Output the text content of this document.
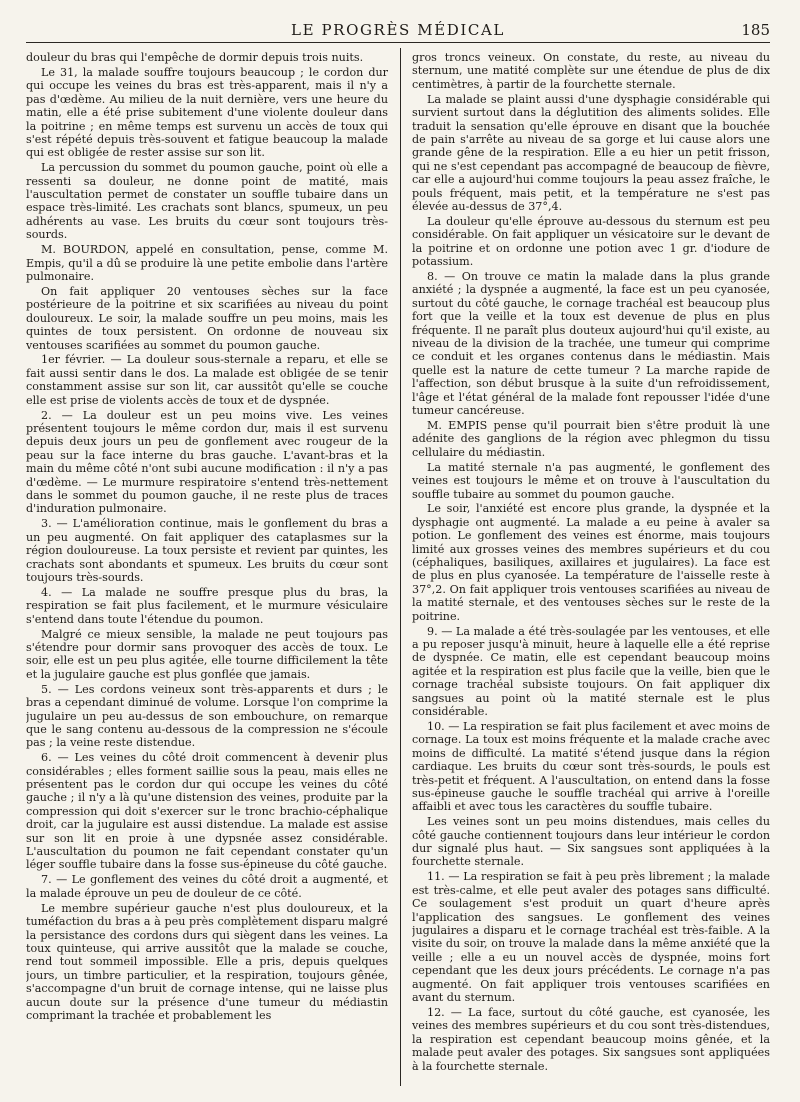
LE PROGRÈS MÉDICAL	185

douleur du bras qui l'empêche de dormir depuis trois nuits.

Le 31, la malade souffre toujours beaucoup ; le cordon dur qui occupe les veines du bras est très-apparent, mais il n'y a pas d'œdème. Au milieu de la nuit dernière, vers une heure du matin, elle a été prise subitement d'une violente douleur dans la poitrine ; en même temps est survenu un accès de toux qui s'est répété depuis très-souvent et fatigue beaucoup la malade qui est obligée de rester assise sur son lit.

La percussion du sommet du poumon gauche, point où elle a ressenti sa douleur, ne donne point de matité, mais l'auscultation permet de constater un souffle tubaire dans un espace très-limité. Les crachats sont blancs, spumeux, un peu adhérents au vase. Les bruits du cœur sont toujours très-sourds.

M. BOURDON, appelé en consultation, pense, comme M. Empis, qu'il a dû se produire là une petite embolie dans l'artère pulmonaire.

On fait appliquer 20 ventouses sèches sur la face postérieure de la poitrine et six scarifiées au niveau du point douloureux. Le soir, la malade souffre un peu moins, mais les quintes de toux persistent. On ordonne de nouveau six ventouses scarifiées au sommet du poumon gauche.

1er février. — La douleur sous-sternale a reparu, et elle se fait aussi sentir dans le dos. La malade est obligée de se tenir constamment assise sur son lit, car aussitôt qu'elle se couche elle est prise de violents accès de toux et de dyspnée.

2. — La douleur est un peu moins vive. Les veines présentent toujours le même cordon dur, mais il est survenu depuis deux jours un peu de gonflement avec rougeur de la peau sur la face interne du bras gauche. L'avant-bras et la main du même côté n'ont subi aucune modification : il n'y a pas d'œdème. — Le murmure respiratoire s'entend très-nettement dans le sommet du poumon gauche, il ne reste plus de traces d'induration pulmonaire.

3. — L'amélioration continue, mais le gonflement du bras a un peu augmenté. On fait appliquer des cataplasmes sur la région douloureuse. La toux persiste et revient par quintes, les crachats sont abondants et spumeux. Les bruits du cœur sont toujours très-sourds.

4. — La malade ne souffre presque plus du bras, la respiration se fait plus facilement, et le murmure vésiculaire s'entend dans toute l'étendue du poumon.

Malgré ce mieux sensible, la malade ne peut toujours pas s'étendre pour dormir sans provoquer des accès de toux. Le soir, elle est un peu plus agitée, elle tourne difficilement la tête et la jugulaire gauche est plus gonflée que jamais.

5. — Les cordons veineux sont très-apparents et durs ; le bras a cependant diminué de volume. Lorsque l'on comprime la jugulaire un peu au-dessus de son embouchure, on remarque que le sang contenu au-dessous de la compression ne s'écoule pas ; la veine reste distendue.

6. — Les veines du côté droit commencent à devenir plus considérables ; elles forment saillie sous la peau, mais elles ne présentent pas le cordon dur qui occupe les veines du côté gauche ; il n'y a là qu'une distension des veines, produite par la compression qui doit s'exercer sur le tronc brachio-céphalique droit, car la jugulaire est aussi distendue. La malade est assise sur son lit en proie à une dypsnée assez considérable. L'auscultation du poumon ne fait cependant constater qu'un léger souffle tubaire dans la fosse sus-épineuse du côté gauche.

7. — Le gonflement des veines du côté droit a augmenté, et la malade éprouve un peu de douleur de ce côté.

Le membre supérieur gauche n'est plus douloureux, et la tuméfaction du bras a à peu près complètement disparu malgré la persistance des cordons durs qui siègent dans les veines. La toux quinteuse, qui arrive aussitôt que la malade se couche, rend tout sommeil impossible. Elle a pris, depuis quelques jours, un timbre particulier, et la respiration, toujours gênée, s'accompagne d'un bruit de cornage intense, qui ne laisse plus aucun doute sur la présence d'une tumeur du médiastin comprimant la trachée et probablement les

gros troncs veineux. On constate, du reste, au niveau du sternum, une matité complète sur une étendue de plus de dix centimètres, à partir de la fourchette sternale.

La malade se plaint aussi d'une dysphagie considérable qui survient surtout dans la déglutition des aliments solides. Elle traduit la sensation qu'elle éprouve en disant que la bouchée de pain s'arrête au niveau de sa gorge et lui cause alors une grande gêne de la respiration. Elle a eu hier un petit frisson, qui ne s'est cependant pas accompagné de beaucoup de fièvre, car elle a aujourd'hui comme toujours la peau assez fraîche, le pouls fréquent, mais petit, et la température ne s'est pas élevée au-dessus de 37°,4.

La douleur qu'elle éprouve au-dessous du sternum est peu considérable. On fait appliquer un vésicatoire sur le devant de la poitrine et on ordonne une potion avec 1 gr. d'iodure de potassium.

8. — On trouve ce matin la malade dans la plus grande anxiété ; la dyspnée a augmenté, la face est un peu cyanosée, surtout du côté gauche, le cornage trachéal est beaucoup plus fort que la veille et la toux est devenue de plus en plus fréquente. Il ne paraît plus douteux aujourd'hui qu'il existe, au niveau de la division de la trachée, une tumeur qui comprime ce conduit et les organes contenus dans le médiastin. Mais quelle est la nature de cette tumeur ? La marche rapide de l'affection, son début brusque à la suite d'un refroidissement, l'âge et l'état général de la malade font repousser l'idée d'une tumeur cancéreuse.

M. EMPIS pense qu'il pourrait bien s'être produit là une adénite des ganglions de la région avec phlegmon du tissu cellulaire du médiastin.

La matité sternale n'a pas augmenté, le gonflement des veines est toujours le même et on trouve à l'auscultation du souffle tubaire au sommet du poumon gauche.

Le soir, l'anxiété est encore plus grande, la dyspnée et la dysphagie ont augmenté. La malade a eu peine à avaler sa potion. Le gonflement des veines est énorme, mais toujours limité aux grosses veines des membres supérieurs et du cou (céphaliques, basiliques, axillaires et jugulaires). La face est de plus en plus cyanosée. La température de l'aisselle reste à 37°,2. On fait appliquer trois ventouses scarifiées au niveau de la matité sternale, et des ventouses sèches sur le reste de la poitrine.

9. — La malade a été très-soulagée par les ventouses, et elle a pu reposer jusqu'à minuit, heure à laquelle elle a été reprise de dyspnée. Ce matin, elle est cependant beaucoup moins agitée et la respiration est plus facile que la veille, bien que le cornage trachéal subsiste toujours. On fait appliquer dix sangsues au point où la matité sternale est le plus considérable.

10. — La respiration se fait plus facilement et avec moins de cornage. La toux est moins fréquente et la malade crache avec moins de difficulté. La matité s'étend jusque dans la région cardiaque. Les bruits du cœur sont très-sourds, le pouls est très-petit et fréquent. A l'auscultation, on entend dans la fosse sus-épineuse gauche le souffle trachéal qui arrive à l'oreille affaibli et avec tous les caractères du souffle tubaire.

Les veines sont un peu moins distendues, mais celles du côté gauche contiennent toujours dans leur intérieur le cordon dur signalé plus haut. — Six sangsues sont appliquées à la fourchette sternale.

11. — La respiration se fait à peu près librement ; la malade est très-calme, et elle peut avaler des potages sans difficulté. Ce soulagement s'est produit un quart d'heure après l'application des sangsues. Le gonflement des veines jugulaires a disparu et le cornage trachéal est très-faible. A la visite du soir, on trouve la malade dans la même anxiété que la veille ; elle a eu un nouvel accès de dyspnée, moins fort cependant que les deux jours précédents. Le cornage n'a pas augmenté. On fait appliquer trois ventouses scarifiées en avant du sternum.

12. — La face, surtout du côté gauche, est cyanosée, les veines des membres supérieurs et du cou sont très-distendues, la respiration est cependant beaucoup moins gênée, et la malade peut avaler des potages. Six sangsues sont appliquées à la fourchette sternale.
